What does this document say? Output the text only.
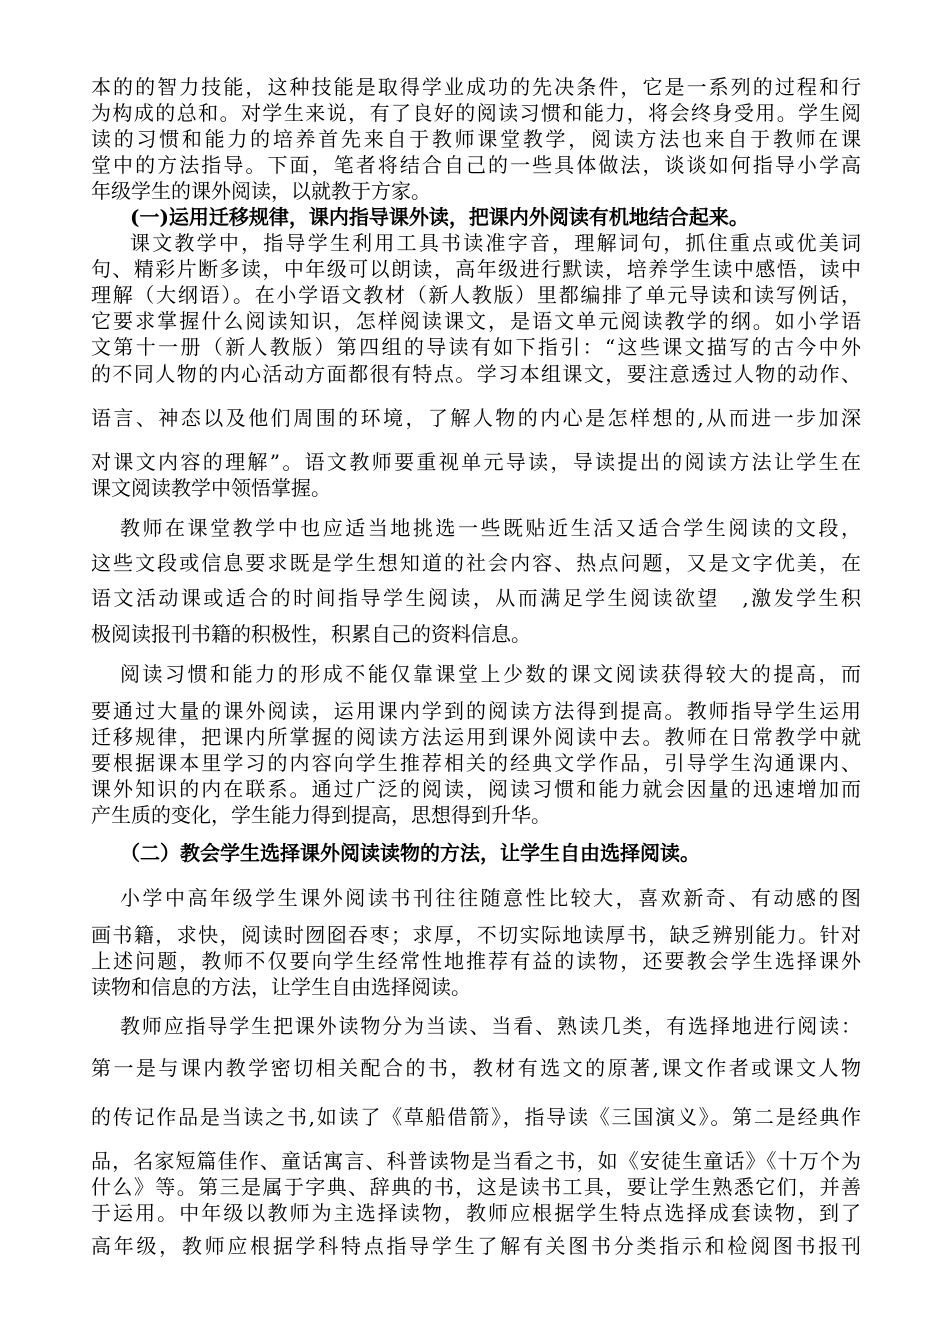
本的的智力技能，这种技能是取得学业成功的先决条件，它是一系列的过程和行
为构成的总和。对学生来说，有了良好的阅读习惯和能力，将会终身受用。学生阅
读的习惯和能力的培养首先来自于教师课堂教学，阅读方法也来自于教师在课
堂中的方法指导。下面，笔者将结合自己的一些具体做法，谈谈如何指导小学高
年级学生的课外阅读，以就教于方家。
(一)运用迁移规律，课内指导课外读，把课内外阅读有机地结合起来。
课文教学中，指导学生利用工具书读准字音，理解词句，抓住重点或优美词
句、精彩片断多读，中年级可以朗读，高年级进行默读，培养学生读中感悟，读中
理解（大纲语）。在小学语文教材（新人教版）里都编排了单元导读和读写例话，
它要求掌握什么阅读知识，怎样阅读课文，是语文单元阅读教学的纲。如小学语
文第十一册（新人教版）第四组的导读有如下指引：“这些课文描写的古今中外
的不同人物的内心活动方面都很有特点。学习本组课文，要注意透过人物的动作、
语言、神态以及他们周围的环境，了解人物的内心是怎样想的,从而进一步加深
对课文内容的理解”。语文教师要重视单元导读，导读提出的阅读方法让学生在
课文阅读教学中领悟掌握。
教师在课堂教学中也应适当地挑选一些既贴近生活又适合学生阅读的文段，
这些文段或信息要求既是学生想知道的社会内容、热点问题，又是文字优美，在
语文活动课或适合的时间指导学生阅读，从而满足学生阅读欲望　,激发学生积
极阅读报刊书籍的积极性，积累自己的资料信息。
阅读习惯和能力的形成不能仅靠课堂上少数的课文阅读获得较大的提高，而
要通过大量的课外阅读，运用课内学到的阅读方法得到提高。教师指导学生运用
迁移规律，把课内所掌握的阅读方法运用到课外阅读中去。教师在日常教学中就
要根据课本里学习的内容向学生推荐相关的经典文学作品，引导学生沟通课内、
课外知识的内在联系。通过广泛的阅读，阅读习惯和能力就会因量的迅速增加而
产生质的变化，学生能力得到提高，思想得到升华。
（二）教会学生选择课外阅读读物的方法，让学生自由选择阅读。
小学中高年级学生课外阅读书刊往往随意性比较大，喜欢新奇、有动感的图
画书籍，求快，阅读时囫囵吞枣；求厚，不切实际地读厚书，缺乏辨别能力。针对
上述问题，教师不仅要向学生经常性地推荐有益的读物，还要教会学生选择课外
读物和信息的方法，让学生自由选择阅读。
教师应指导学生把课外读物分为当读、当看、熟读几类，有选择地进行阅读：
第一是与课内教学密切相关配合的书，教材有选文的原著,课文作者或课文人物
的传记作品是当读之书,如读了《草船借箭》，指导读《三国演义》。第二是经典作
品，名家短篇佳作、童话寓言、科普读物是当看之书，如《安徒生童话》《十万个为
什么》等。第三是属于字典、辞典的书，这是读书工具，要让学生熟悉它们，并善
于运用。中年级以教师为主选择读物，教师应根据学生特点选择成套读物，到了
高年级，教师应根据学科特点指导学生了解有关图书分类指示和检阅图书报刊
